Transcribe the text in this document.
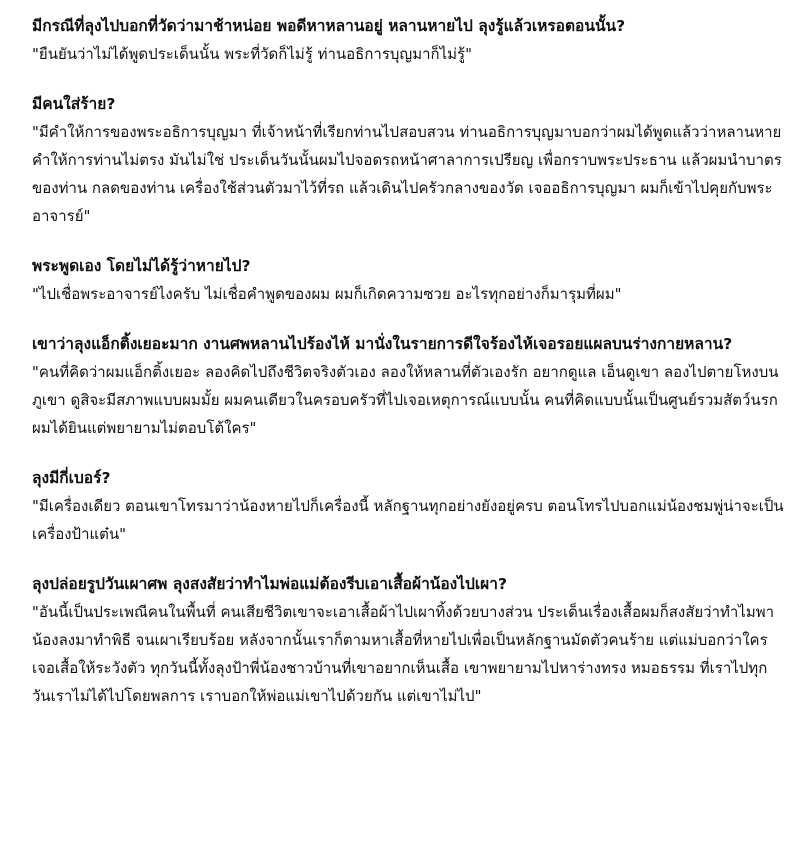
มีกรณีที่ลุงไปบอกที่วัดว่ามาช้าหน่อย พอดีหาหลานอยู่ หลานหายไป ลุงรู้แล้วเหรอตอนนั้น?

"ยืนยันว่าไม่ได้พูดประเด็นนั้น พระที่วัดก็ไม่รู้ ท่านอธิการบุญมาก็ไม่รู้"

มีคนใส่ร้าย?

"มีคำให้การของพระอธิการบุญมา ที่เจ้าหน้าที่เรียกท่านไปสอบสวน ท่านอธิการบุญมาบอกว่าผมได้พูดแล้วว่าหลานหาย คำให้การท่านไม่ตรง มันไม่ใช่ ประเด็นวันนั้นผมไปจอดรถหน้าศาลาการเปรียญ เพื่อกราบพระประธาน แล้วผมนำบาตรของท่าน กลดของท่าน เครื่องใช้ส่วนตัวมาไว้ที่รถ แล้วเดินไปครัวกลางของวัด เจออธิการบุญมา ผมก็เข้าไปคุยกับพระอาจารย์"

พระพูดเอง โดยไม่ได้รู้ว่าหายไป?

"ไปเชื่อพระอาจารย์ไงครับ ไม่เชื่อคำพูดของผม ผมก็เกิดความซวย อะไรทุกอย่างก็มารุมที่ผม"

เขาว่าลุงแอ็กติ้งเยอะมาก งานศพหลานไปร้องไห้ มานั่งในรายการดีใจร้องไห้เจอรอยแผลบนร่างกายหลาน?

"คนที่คิดว่าผมแอ็กติ้งเยอะ ลองคิดไปถึงชีวิตจริงตัวเอง ลองให้หลานที่ตัวเองรัก อยากดูแล เอ็นดูเขา ลองไปตายโหงบนภูเขา ดูสิจะมีสภาพแบบผมมั้ย ผมคนเดียวในครอบครัวที่ไปเจอเหตุการณ์แบบนั้น คนที่คิดแบบนั้นเป็นศูนย์รวมสัตว์นรก ผมได้ยินแต่พยายามไม่ตอบโต้ใคร"

ลุงมีกี่เบอร์?

"มีเครื่องเดียว ตอนเขาโทรมาว่าน้องหายไปก็เครื่องนี้ หลักฐานทุกอย่างยังอยู่ครบ ตอนโทรไปบอกแม่น้องชมพู่น่าจะเป็นเครื่องป้าแต๋น"

ลุงปล่อยรูปวันเผาศพ ลุงสงสัยว่าทำไมพ่อแม่ต้องรีบเอาเสื้อผ้าน้องไปเผา?

"อันนี้เป็นประเพณีคนในพื้นที่ คนเสียชีวิตเขาจะเอาเสื้อผ้าไปเผาทิ้งด้วยบางส่วน ประเด็นเรื่องเสื้อผมก็สงสัยว่าทำไมพาน้องลงมาทำพิธี จนเผาเรียบร้อย หลังจากนั้นเราก็ตามหาเสื้อที่หายไปเพื่อเป็นหลักฐานมัดตัวคนร้าย แต่แม่บอกว่าใครเจอเสื้อให้ระวังตัว ทุกวันนี้ทั้งลุงป้าพี่น้องชาวบ้านที่เขาอยากเห็นเสื้อ เขาพยายามไปหาร่างทรง หมอธรรม ที่เราไปทุกวันเราไม่ได้ไปโดยพลการ เราบอกให้พ่อแม่เขาไปด้วยกัน แต่เขาไม่ไป"
